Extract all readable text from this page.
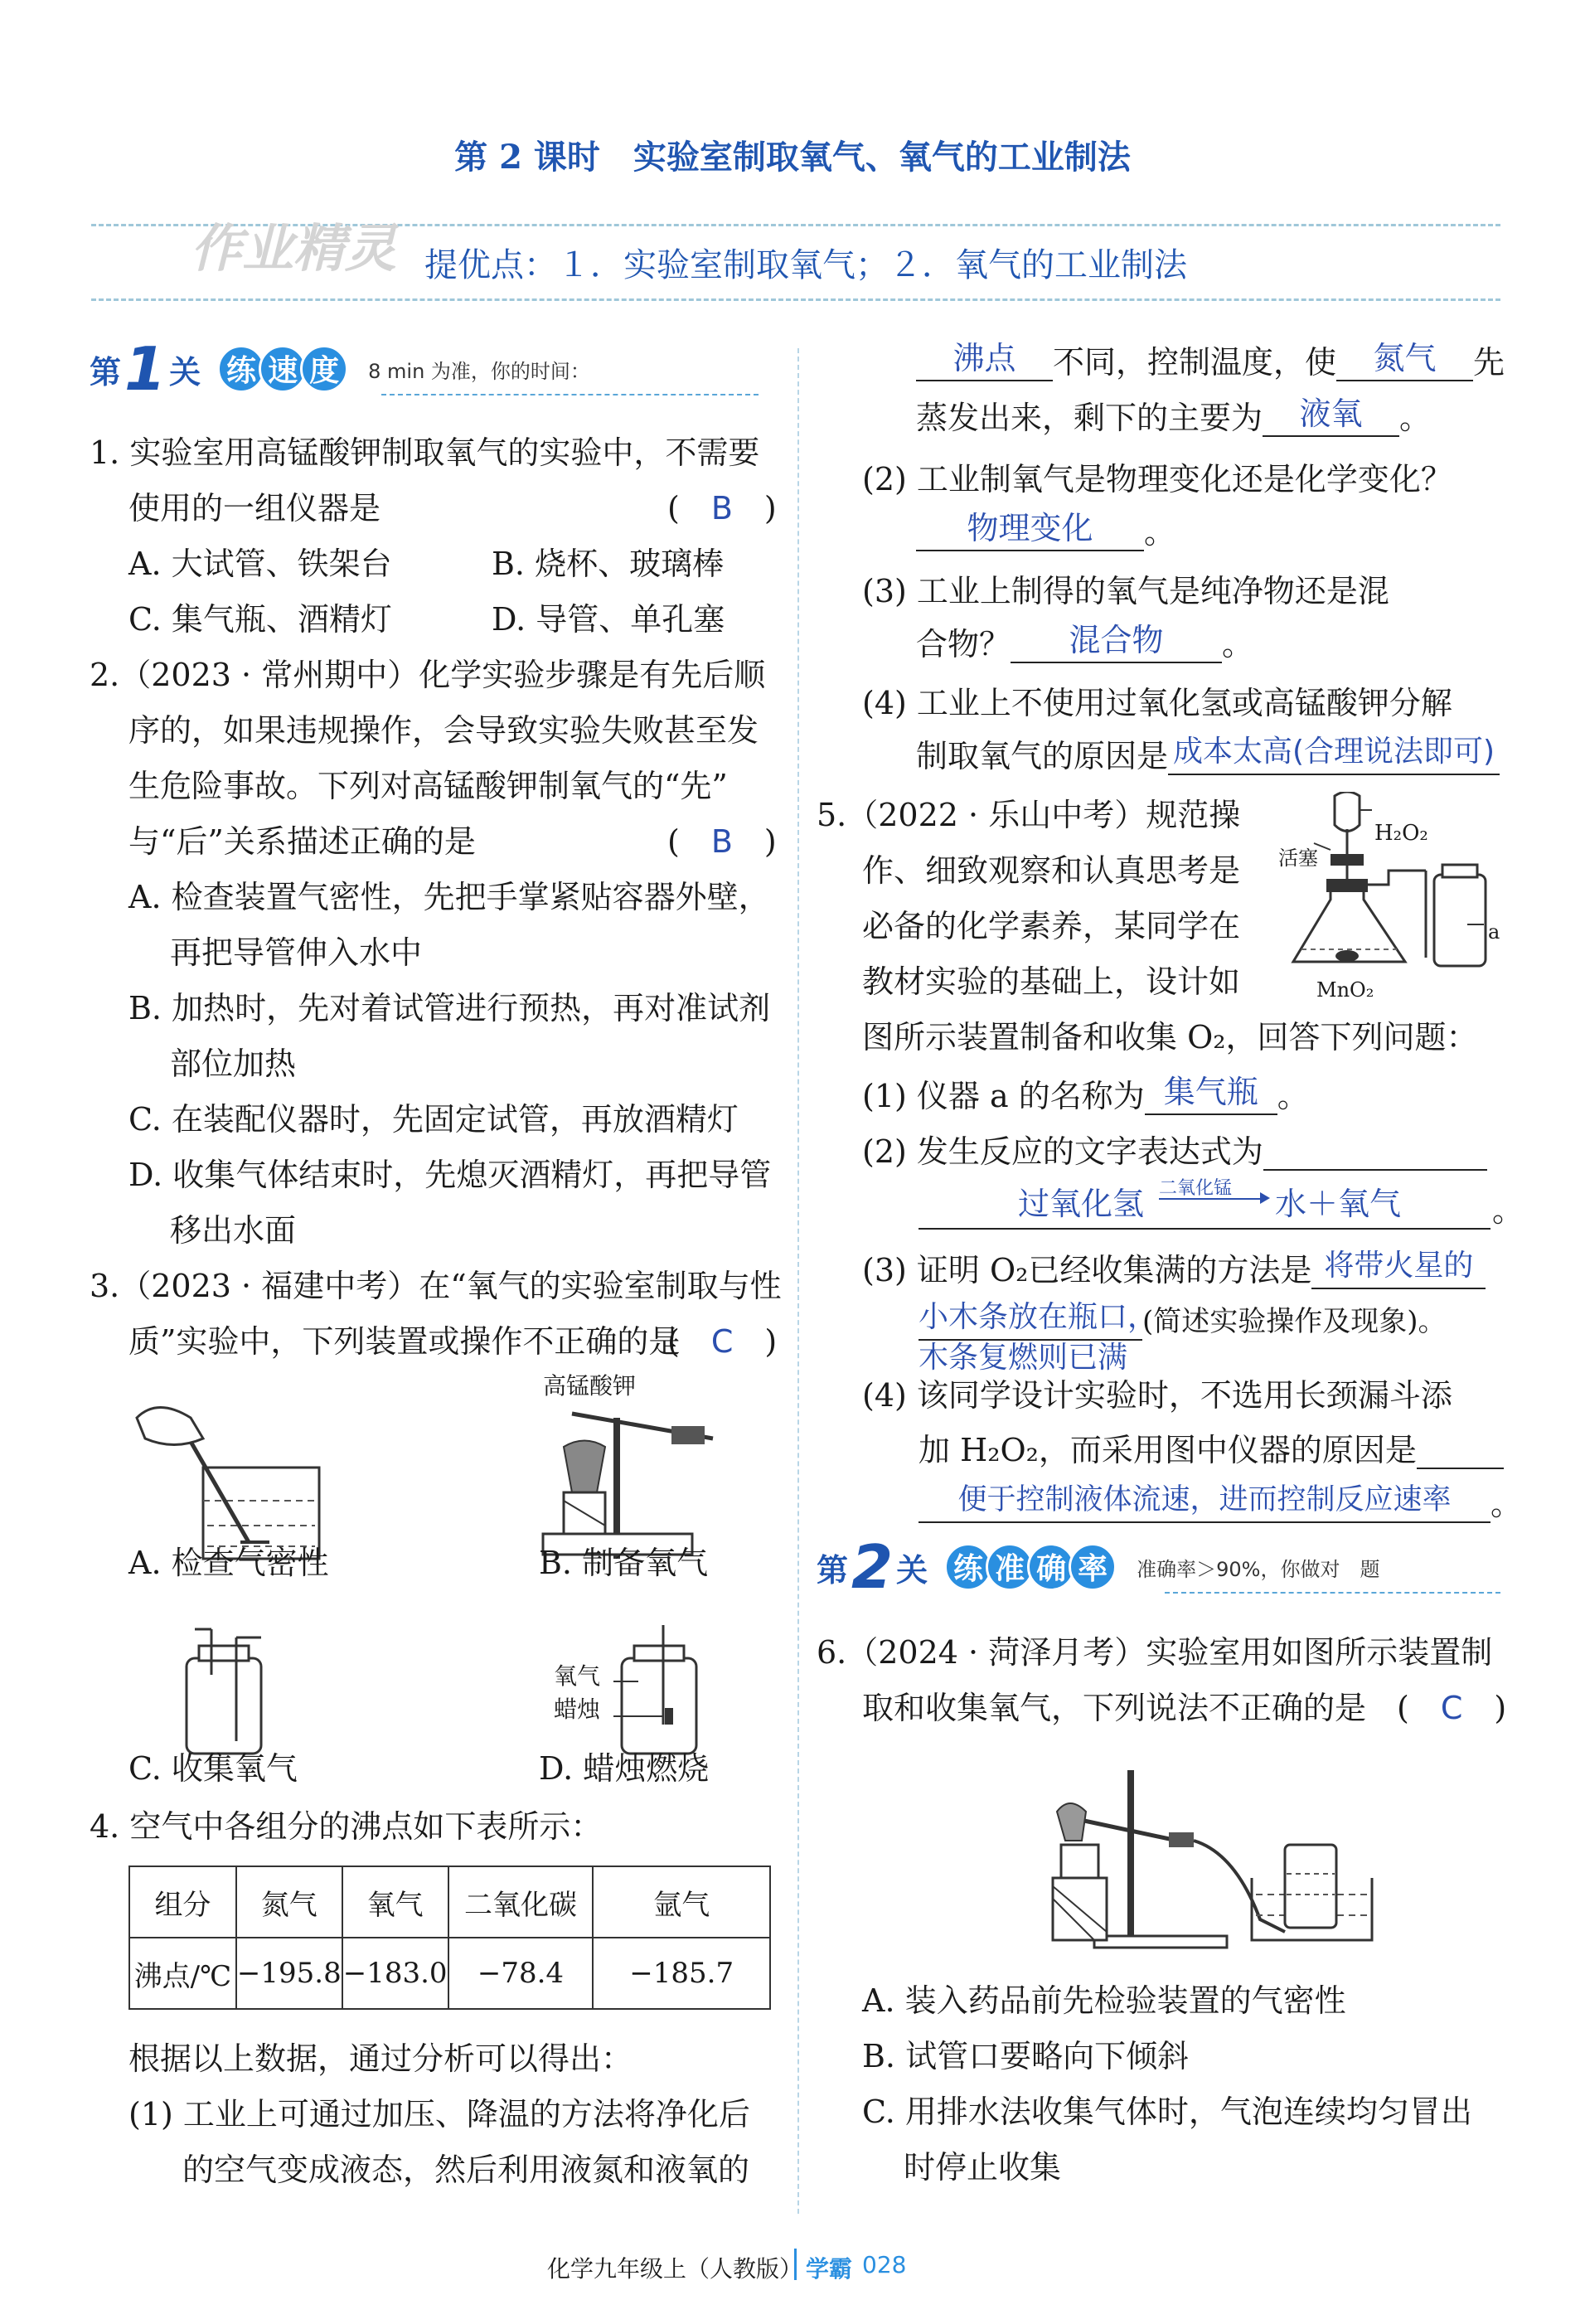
第 2 课时　实验室制取氧气、氧气的工业制法
作业精灵 提优点：１．实验室制取氧气；２．氧气的工业制法
第 1 关 练 速 度	8 min 为准，你的时间：
1. 实验室用高锰酸钾制取氧气的实验中，不需要
使用的一组仪器是	(　B　)
A. 大试管、铁架台	B. 烧杯、玻璃棒
C. 集气瓶、酒精灯	D. 导管、单孔塞
2.（2023 · 常州期中）化学实验步骤是有先后顺
序的，如果违规操作，会导致实验失败甚至发
生危险事故。下列对高锰酸钾制氧气的“先”
与“后”关系描述正确的是	(　B　)
A. 检查装置气密性，先把手掌紧贴容器外壁，
再把导管伸入水中
B. 加热时，先对着试管进行预热，再对准试剂
部位加热
C. 在装配仪器时，先固定试管，再放酒精灯
D. 收集气体结束时，先熄灭酒精灯，再把导管
移出水面
3.（2023 · 福建中考）在“氧气的实验室制取与性
质”实验中，下列装置或操作不正确的是
(　C　)
A. 检查气密性
高锰酸钾
B. 制备氧气
C. 收集氧气
氧气
蜡烛
D. 蜡烛燃烧
4. 空气中各组分的沸点如下表所示：
组分	氮气	氧气	二氧化碳	氩气
沸点/℃	−195.8	−183.0	−78.4	−185.7
根据以上数据，通过分析可以得出：
(1) 工业上可通过加压、降温的方法将净化后
的空气变成液态，然后利用液氮和液氧的
沸点 不同，控制温度，使 氮气 先
蒸发出来，剩下的主要为 液氧 。
(2) 工业制氧气是物理变化还是化学变化？
物理变化 。
(3) 工业上制得的氧气是纯净物还是混
合物？ 混合物 。
(4) 工业上不使用过氧化氢或高锰酸钾分解
制取氧气的原因是 成本太高(合理说法即可)
5.（2022 · 乐山中考）规范操
作、细致观察和认真思考是
必备的化学素养，某同学在
教材实验的基础上，设计如
图所示装置制备和收集 O₂，回答下列问题：
H₂O₂
活塞
MnO₂
a
(1) 仪器 a 的名称为 集气瓶 。
(2) 发生反应的文字表达式为
过氧化氢 二氧化锰 水＋氧气	。
(3) 证明 O₂已经收集满的方法是 将带火星的
小木条放在瓶口，(简述实验操作及现象)。
木条复燃则已满
(4) 该同学设计实验时，不选用长颈漏斗添
加 H₂O₂，而采用图中仪器的原因是
便于控制液体流速，进而控制反应速率 。
第 2 关 练 准 确 率	准确率＞90%，你做对　题
6.（2024 · 菏泽月考）实验室用如图所示装置制
取和收集氧气，下列说法不正确的是 (　C　)
A. 装入药品前先检验装置的气密性
B. 试管口要略向下倾斜
C. 用排水法收集气体时，气泡连续均匀冒出
时停止收集
化学九年级上（人教版） 学霸 028
